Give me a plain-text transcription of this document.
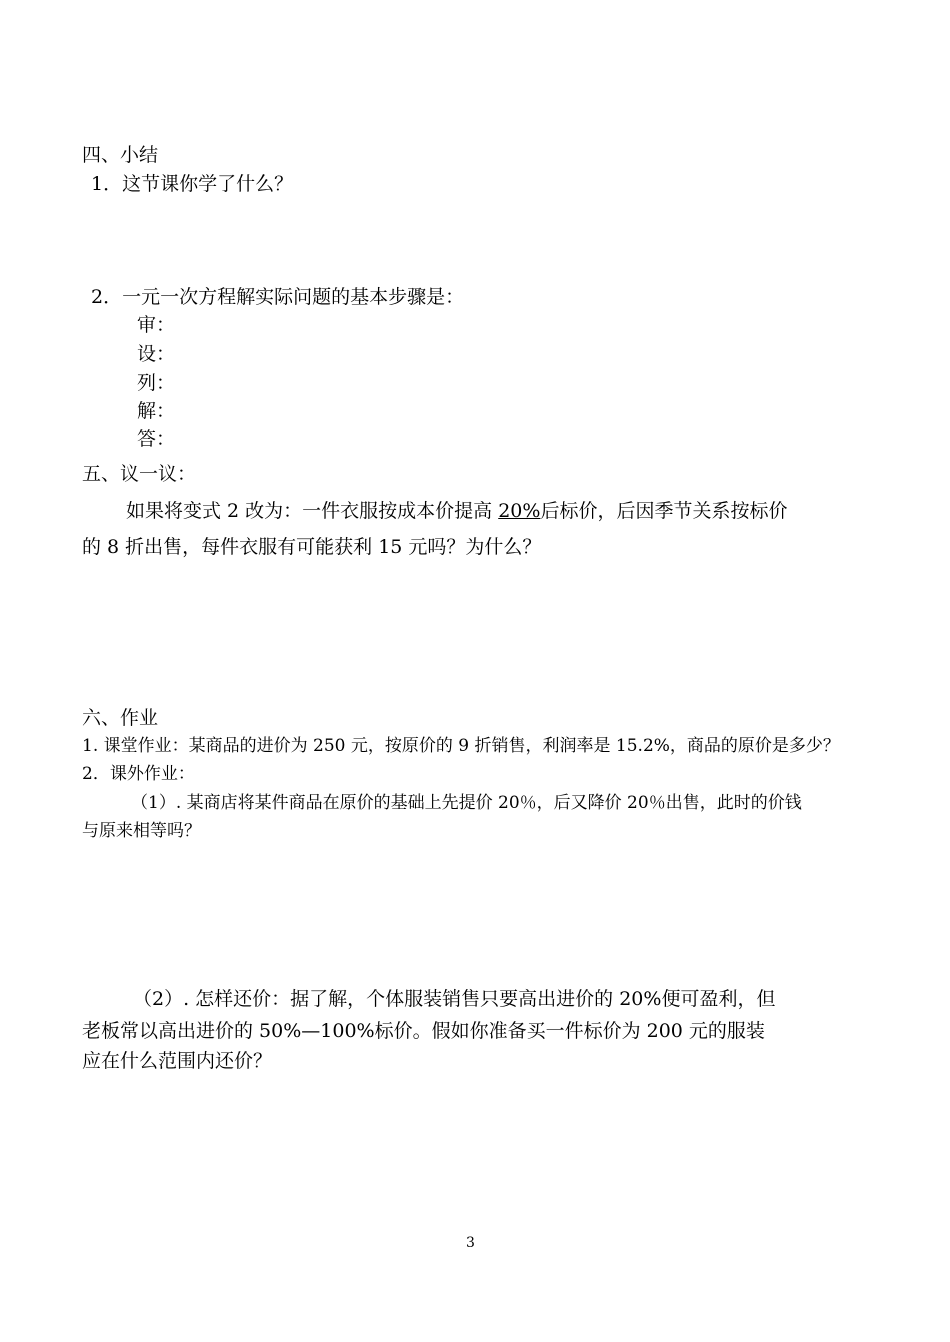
四、小结
1．这节课你学了什么？
2．一元一次方程解实际问题的基本步骤是：
审：
设：
列：
解：
答：
五、议一议：
如果将变式 2 改为：一件衣服按成本价提高 20%后标价，后因季节关系按标价
的 8 折出售，每件衣服有可能获利 15 元吗？为什么？
六、作业
1. 课堂作业：某商品的进价为 250 元，按原价的 9 折销售，利润率是 15.2%，商品的原价是多少？
2．课外作业：
（1）. 某商店将某件商品在原价的基础上先提价 20％，后又降价 20％出售，此时的价钱
与原来相等吗？
（2）. 怎样还价：据了解，个体服装销售只要高出进价的 20%便可盈利，但
老板常以高出进价的 50%—100%标价。假如你准备买一件标价为 200 元的服装
应在什么范围内还价？
3
